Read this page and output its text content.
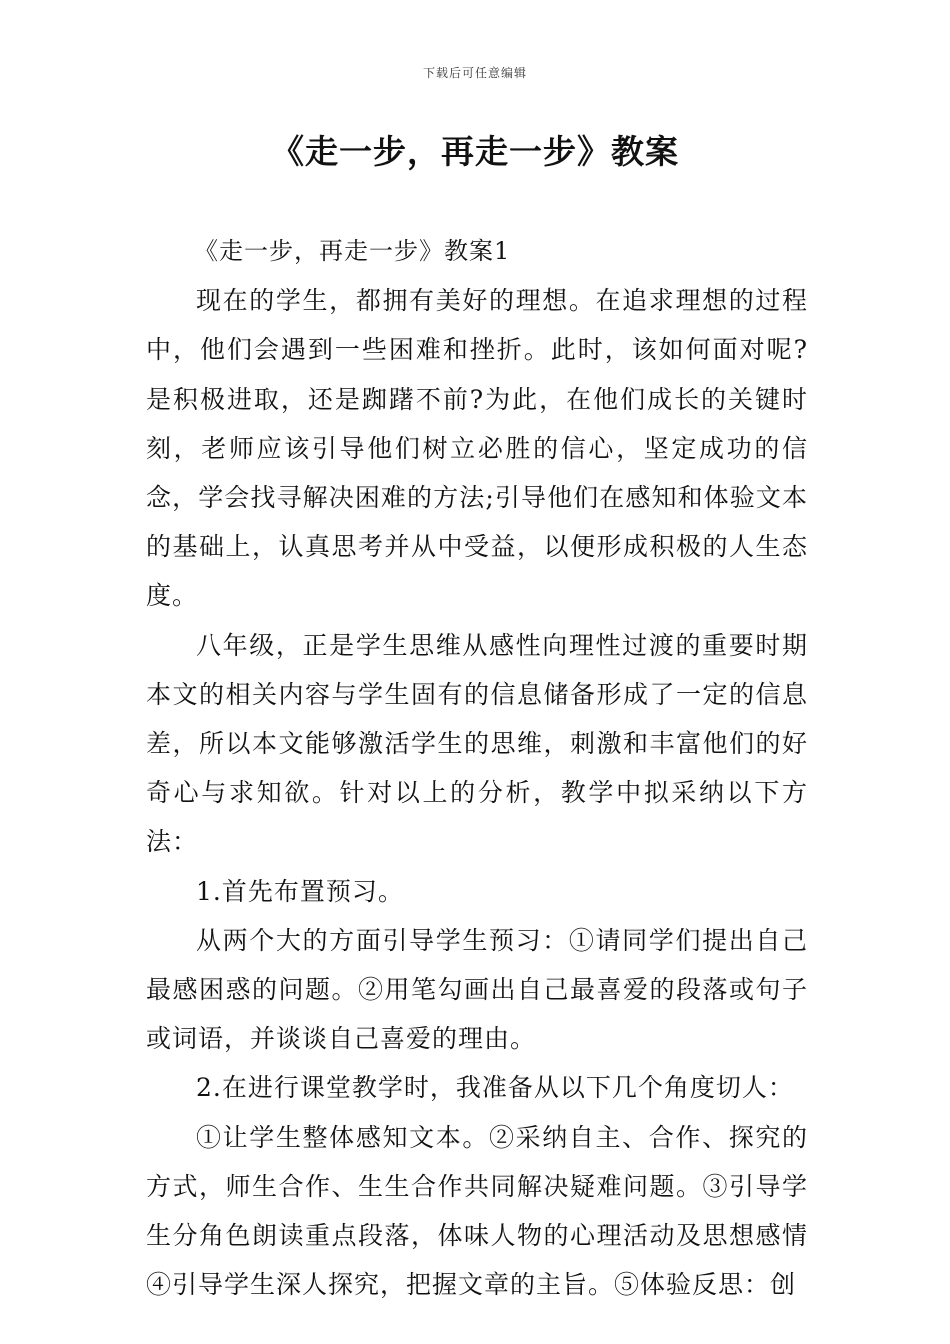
下载后可任意编辑
《走一步，再走一步》教案

《走一步，再走一步》教案1

现在的学生，都拥有美好的理想。在追求理想的过程中，他们会遇到一些困难和挫折。此时，该如何面对呢?是积极进取，还是踟躇不前?为此，在他们成长的关键时刻，老师应该引导他们树立必胜的信心，坚定成功的信念，学会找寻解决困难的方法;引导他们在感知和体验文本的基础上，认真思考并从中受益，以便形成积极的人生态度。

八年级，正是学生思维从感性向理性过渡的重要时期本文的相关内容与学生固有的信息储备形成了一定的信息差，所以本文能够激活学生的思维，刺激和丰富他们的好奇心与求知欲。针对以上的分析，教学中拟采纳以下方法：

1.首先布置预习。

从两个大的方面引导学生预习：①请同学们提出自己最感困惑的问题。②用笔勾画出自己最喜爱的段落或句子或词语，并谈谈自己喜爱的理由。

2.在进行课堂教学时，我准备从以下几个角度切人：

①让学生整体感知文本。②采纳自主、合作、探究的方式，师生合作、生生合作共同解决疑难问题。③引导学生分角色朗读重点段落，体味人物的心理活动及思想感情④引导学生深人探究，把握文章的主旨。⑤体验反思：创
